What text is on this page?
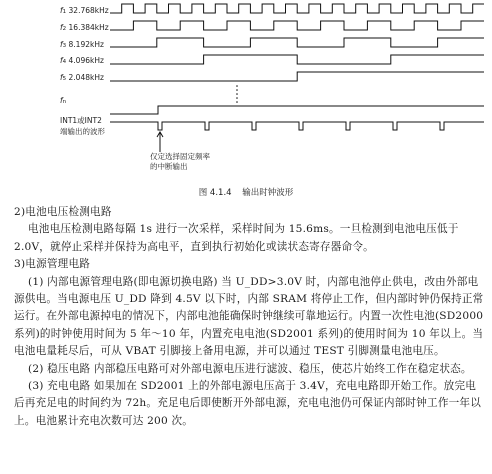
f1 32.768kHz
f2 16.384kHz
f3 8.192kHz
f4 4.096kHz
f5 2.048kHz
fn
INT1或INT2
端输出的波形
仅定选择固定频率
的中断输出
图 4.1.4 输出时钟波形

2)电池电压检测电路

电池电压检测电路每隔 1s 进行一次采样，采样时间为 15.6ms。一旦检测到电池电压低于 2.0V，就停止采样并保持为高电平，直到执行初始化或读状态寄存器命令。

3)电源管理电路

(1) 内部电源管理电路(即电源切换电路) 当 U_DD>3.0V 时，内部电池停止供电，改由外部电源供电。当电源电压 U_DD 降到 4.5V 以下时，内部 SRAM 将停止工作，但内部时钟仍保持正常运行。在外部电源掉电的情况下，内部电池能确保时钟继续可靠地运行。内置一次性电池(SD2000 系列)的时钟使用时间为 5 年～10 年，内置充电电池(SD2001 系列)的使用时间为 10 年以上。当电池电量耗尽后，可从 VBAT 引脚接上备用电源，并可以通过 TEST 引脚测量电池电压。

(2) 稳压电路 内部稳压电路可对外部电源电压进行滤波、稳压，使芯片始终工作在稳定状态。

(3) 充电电路 如果加在 SD2001 上的外部电源电压高于 3.4V，充电电路即开始工作。放完电后再充足电的时间约为 72h。充足电后即使断开外部电源，充电电池仍可保证内部时钟工作一年以上。电池累计充电次数可达 200 次。
